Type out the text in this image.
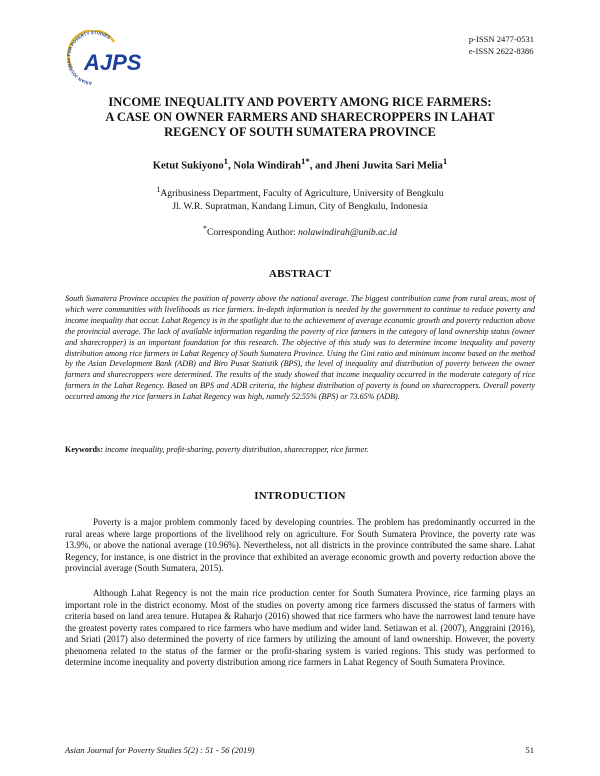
ASIAN JOURNAL FOR POVERTY STUDIES
AJPS
p-ISSN 2477-0531
e-ISSN 2622-8386
INCOME INEQUALITY AND POVERTY AMONG RICE FARMERS:
A CASE ON OWNER FARMERS AND SHARECROPPERS IN LAHAT
REGENCY OF SOUTH SUMATERA PROVINCE
Ketut Sukiyono$^1$, Nola Windirah$^{1*}$, and Jheni Juwita Sari Melia$^1$
$^1$Agribusiness Department, Faculty of Agriculture, University of Bengkulu
Jl. W.R. Supratman, Kandang Limun, City of Bengkulu, Indonesia
*Corresponding Author: nolawindirah@unib.ac.id
ABSTRACT

South Sumatera Province occupies the position of poverty above the national average. The biggest contribution came from rural areas, most of which were communities with livelihoods as rice farmers. In-depth information is needed by the government to continue to reduce poverty and income inequality that occur. Lahat Regency is in the spotlight due to the achievement of average economic growth and poverty reduction above the provincial average. The lack of available information regarding the poverty of rice farmers in the category of land ownership status (owner and sharecropper) is an important foundation for this research. The objective of this study was to determine income inequality and poverty distribution among rice farmers in Lahat Regency of South Sumatera Province. Using the Gini ratio and minimum income based on the method by the Asian Development Bank (ADB) and Biro Pusat Statistik (BPS), the level of inequality and distribution of poverty between the owner farmers and sharecroppers were determined. The results of the study showed that income inequality occurred in the moderate category of rice farmers in the Lahat Regency. Based on BPS and ADB criteria, the highest distribution of poverty is found on sharecroppers. Overall poverty occurred among the rice farmers in Lahat Regency was high, namely 52.55% (BPS) or 73.65% (ADB).

Keywords: income inequality, profit-sharing, poverty distribution, sharecropper, rice farmer.

INTRODUCTION

Poverty is a major problem commonly faced by developing countries. The problem has predominantly occurred in the rural areas where large proportions of the livelihood rely on agriculture. For South Sumatera Province, the poverty rate was 13.9%, or above the national average (10.96%). Nevertheless, not all districts in the province contributed the same share. Lahat Regency, for instance, is one district in the province that exhibited an average economic growth and poverty reduction above the provincial average (South Sumatera, 2015).

Although Lahat Regency is not the main rice production center for South Sumatera Province, rice farming plays an important role in the district economy. Most of the studies on poverty among rice farmers discussed the status of farmers with criteria based on land area tenure. Hutapea & Raharjo (2016) showed that rice farmers who have the narrowest land tenure have the greatest poverty rates compared to rice farmers who have medium and wider land. Setiawan et al. (2007), Anggraini (2016), and Sriati (2017) also determined the poverty of rice farmers by utilizing the amount of land ownership. However, the poverty phenomena related to the status of the farmer or the profit-sharing system is varied regions. This study was performed to determine income inequality and poverty distribution among rice farmers in Lahat Regency of South Sumatera Province.

Asian Journal for Poverty Studies 5(2) : 51 - 56 (2019)	51
